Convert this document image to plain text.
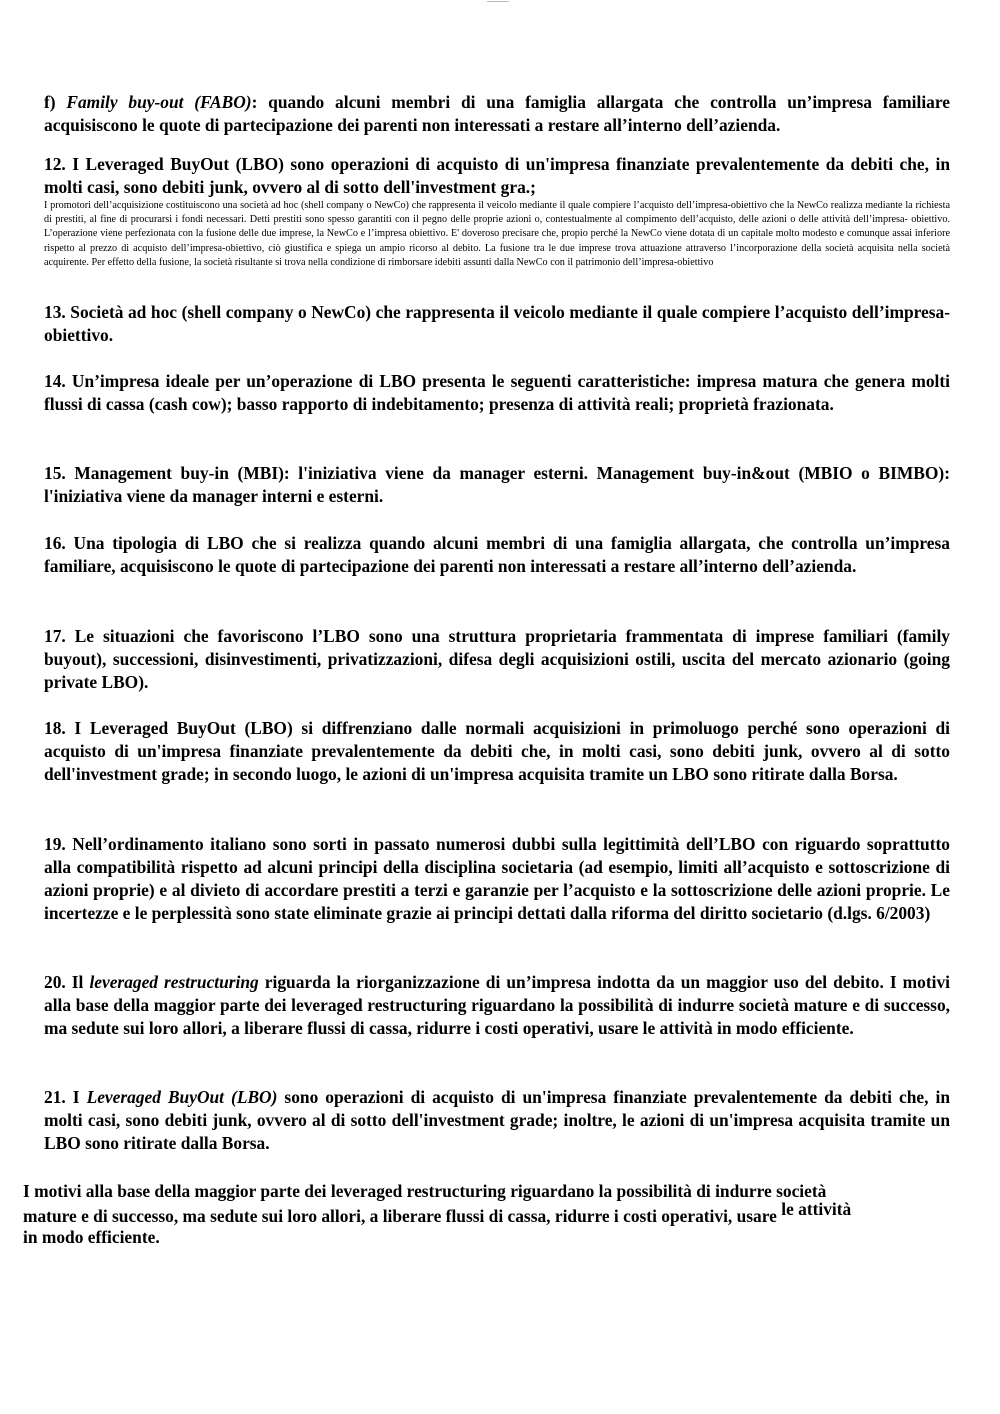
f) Family buy-out (FABO): quando alcuni membri di una famiglia allargata che controlla un’impresa familiare acquisiscono le quote di partecipazione dei parenti non interessati a restare all’interno dell’azienda.
12. I Leveraged BuyOut (LBO) sono operazioni di acquisto di un'impresa finanziate prevalentemente da debiti che, in molti casi, sono debiti junk, ovvero al di sotto dell'investment gra.;
I promotori dell’acquisizione costituiscono una società ad hoc (shell company o NewCo) che rappresenta il veicolo mediante il quale compiere l’acquisto dell’impresa-obiettivo che la NewCo realizza mediante la richiesta di prestiti, al fine di procurarsi i fondi necessari. Detti prestiti sono spesso garantiti con il pegno delle proprie azioni o, contestualmente al compimento dell’acquisto, delle azioni o delle attività dell’impresa- obiettivo. L’operazione viene perfezionata con la fusione delle due imprese, la NewCo e l’impresa obiettivo. E' doveroso precisare che, propio perché la NewCo viene dotata di un capitale molto modesto e comunque assai inferiore rispetto al prezzo di acquisto dell’impresa-obiettivo, ciò giustifica e spiega un ampio ricorso al debito. La fusione tra le due imprese trova attuazione attraverso l’incorporazione della società acquisita nella società acquirente. Per effetto della fusione, la società risultante si trova nella condizione di rimborsare idebiti assunti dalla NewCo con il patrimonio dell’impresa-obiettivo
13. Società ad hoc (shell company o NewCo) che rappresenta il veicolo mediante il quale compiere l’acquisto dell’impresa-obiettivo.
14. Un’impresa ideale per un’operazione di LBO presenta le seguenti caratteristiche: impresa matura che genera molti flussi di cassa (cash cow); basso rapporto di indebitamento; presenza di attività reali; proprietà frazionata.
15. Management buy-in (MBI): l'iniziativa viene da manager esterni. Management buy-in&out (MBIO o BIMBO): l'iniziativa viene da manager interni e esterni.
16. Una tipologia di LBO che si realizza quando alcuni membri di una famiglia allargata, che controlla un’impresa familiare, acquisiscono le quote di partecipazione dei parenti non interessati a restare all’interno dell’azienda.
17. Le situazioni che favoriscono l’LBO sono una struttura proprietaria frammentata di imprese familiari (family buyout), successioni, disinvestimenti, privatizzazioni, difesa degli acquisizioni ostili, uscita del mercato azionario (going private LBO).
18. I Leveraged BuyOut (LBO) si diffrenziano dalle normali acquisizioni in primoluogo perché sono operazioni di acquisto di un'impresa finanziate prevalentemente da debiti che, in molti casi, sono debiti junk, ovvero al di sotto dell'investment grade; in secondo luogo, le azioni di un'impresa acquisita tramite un LBO sono ritirate dalla Borsa.
19. Nell’ordinamento italiano sono sorti in passato numerosi dubbi sulla legittimità dell’LBO con riguardo soprattutto alla compatibilità rispetto ad alcuni principi della disciplina societaria (ad esempio, limiti all’acquisto e sottoscrizione di azioni proprie) e al divieto di accordare prestiti a terzi e garanzie per l’acquisto e la sottoscrizione delle azioni proprie. Le incertezze e le perplessità sono state eliminate grazie ai principi dettati dalla riforma del diritto societario (d.lgs. 6/2003)
20. Il leveraged restructuring riguarda la riorganizzazione di un’impresa indotta da un maggior uso del debito. I motivi alla base della maggior parte dei leveraged restructuring riguardano la possibilità di indurre società mature e di successo, ma sedute sui loro allori, a liberare flussi di cassa, ridurre i costi operativi, usare le attività in modo efficiente.
21. I Leveraged BuyOut (LBO) sono operazioni di acquisto di un'impresa finanziate prevalentemente da debiti che, in molti casi, sono debiti junk, ovvero al di sotto dell'investment grade; inoltre, le azioni di un'impresa acquisita tramite un LBO sono ritirate dalla Borsa.
I motivi alla base della maggior parte dei leveraged restructuring riguardano la possibilità di indurre società
mature e di successo, ma sedute sui loro allori, a liberare flussi di cassa, ridurre i costi operativi, usare le attività
in modo efficiente.
